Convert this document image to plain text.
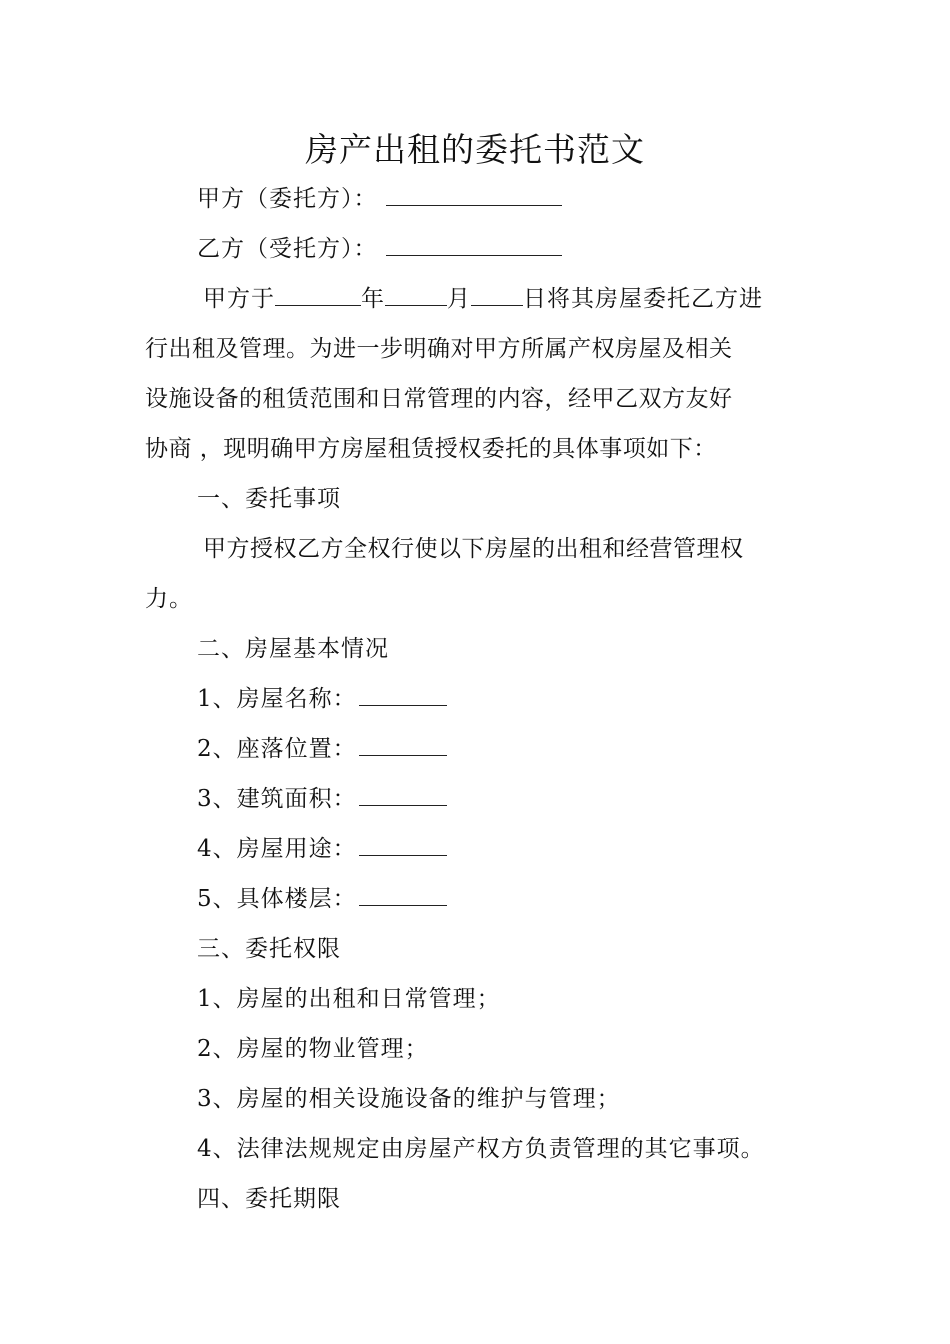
房产出租的委托书范文
甲方（委托方）：
乙方（受托方）：
甲方于	年	月 日将其房屋委托乙方进
行出租及管理。为进一步明确对甲方所属产权房屋及相关
设施设备的租赁范围和日常管理的内容，经甲乙双方友好
协商 ，现明确甲方房屋租赁授权委托的具体事项如下：
一、委托事项
甲方授权乙方全权行使以下房屋的出租和经营管理权
力。
二、房屋基本情况
1、房屋名称：
2、座落位置：
3、建筑面积：
4、房屋用途：
5、具体楼层：
三、委托权限
1、房屋的出租和日常管理；
2、房屋的物业管理；
3、房屋的相关设施设备的维护与管理；
4、法律法规规定由房屋产权方负责管理的其它事项。
四、委托期限
